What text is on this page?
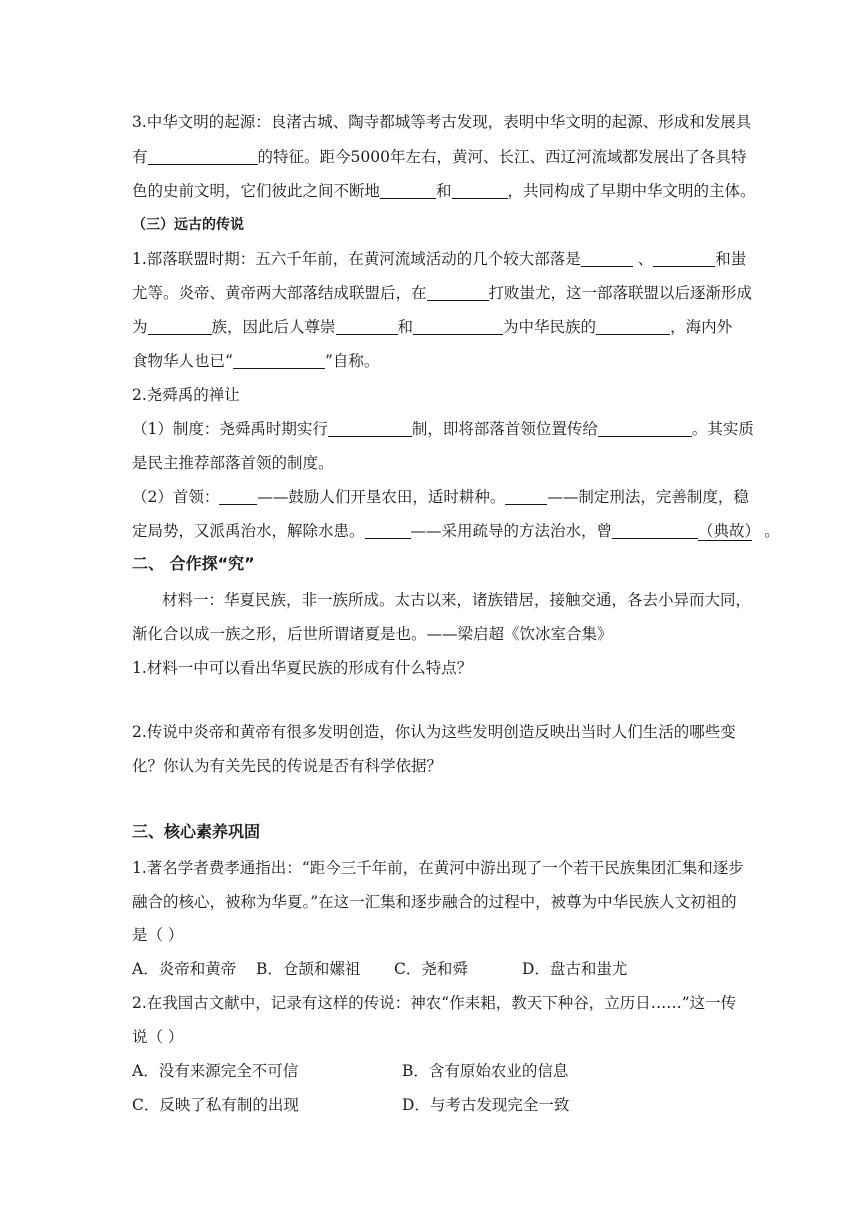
3.中华文明的起源：良渚古城、陶寺都城等考古发现，表明中华文明的起源、形成和发展具
有	的特征。距今5000年左右，黄河、长江、西辽河流域都发展出了各具特
色的史前文明，它们彼此之间不断地	和	，共同构成了早期中华文明的主体。
（三）远古的传说
1.部落联盟时期：五六千年前，在黄河流域活动的几个较大部落是	、	和蚩
尤等。炎帝、黄帝两大部落结成联盟后，在	打败蚩尤，这一部落联盟以后逐渐形成
为	族，因此后人尊崇	和	为中华民族的	，海内外
食物华人也已“	”自称。
2.尧舜禹的禅让
（1）制度：尧舜禹时期实行	制，即将部落首领位置传给	。其实质
是民主推荐部落首领的制度。
（2）首领： ——鼓励人们开垦农田，适时耕种。	——制定刑法，完善制度，稳
定局势，又派禹治水，解除水患。	——采用疏导的方法治水，曾	（典故） 。
二、 合作探“究”
材料一：华夏民族，非一族所成。太古以来，诸族错居，接触交通，各去小异而大同，
渐化合以成一族之形，后世所谓诸夏是也。——梁启超《饮冰室合集》
1.材料一中可以看出华夏民族的形成有什么特点？
2.传说中炎帝和黄帝有很多发明创造，你认为这些发明创造反映出当时人们生活的哪些变
化？你认为有关先民的传说是否有科学依据？
三、核心素养巩固
1.著名学者费孝通指出：“距今三千年前，在黄河中游出现了一个若干民族集团汇集和逐步
融合的核心，被称为华夏。”在这一汇集和逐步融合的过程中，被尊为中华民族人文初祖的
是（ ）
A．炎帝和黄帝 B．仓颉和嫘祖 C．尧和舜	D．盘古和蚩尤
2.在我国古文献中，记录有这样的传说：神农“作耒耜，教天下种谷，立历日……”这一传
说（ ）
A．没有来源完全不可信	B．含有原始农业的信息
C．反映了私有制的出现	D．与考古发现完全一致
